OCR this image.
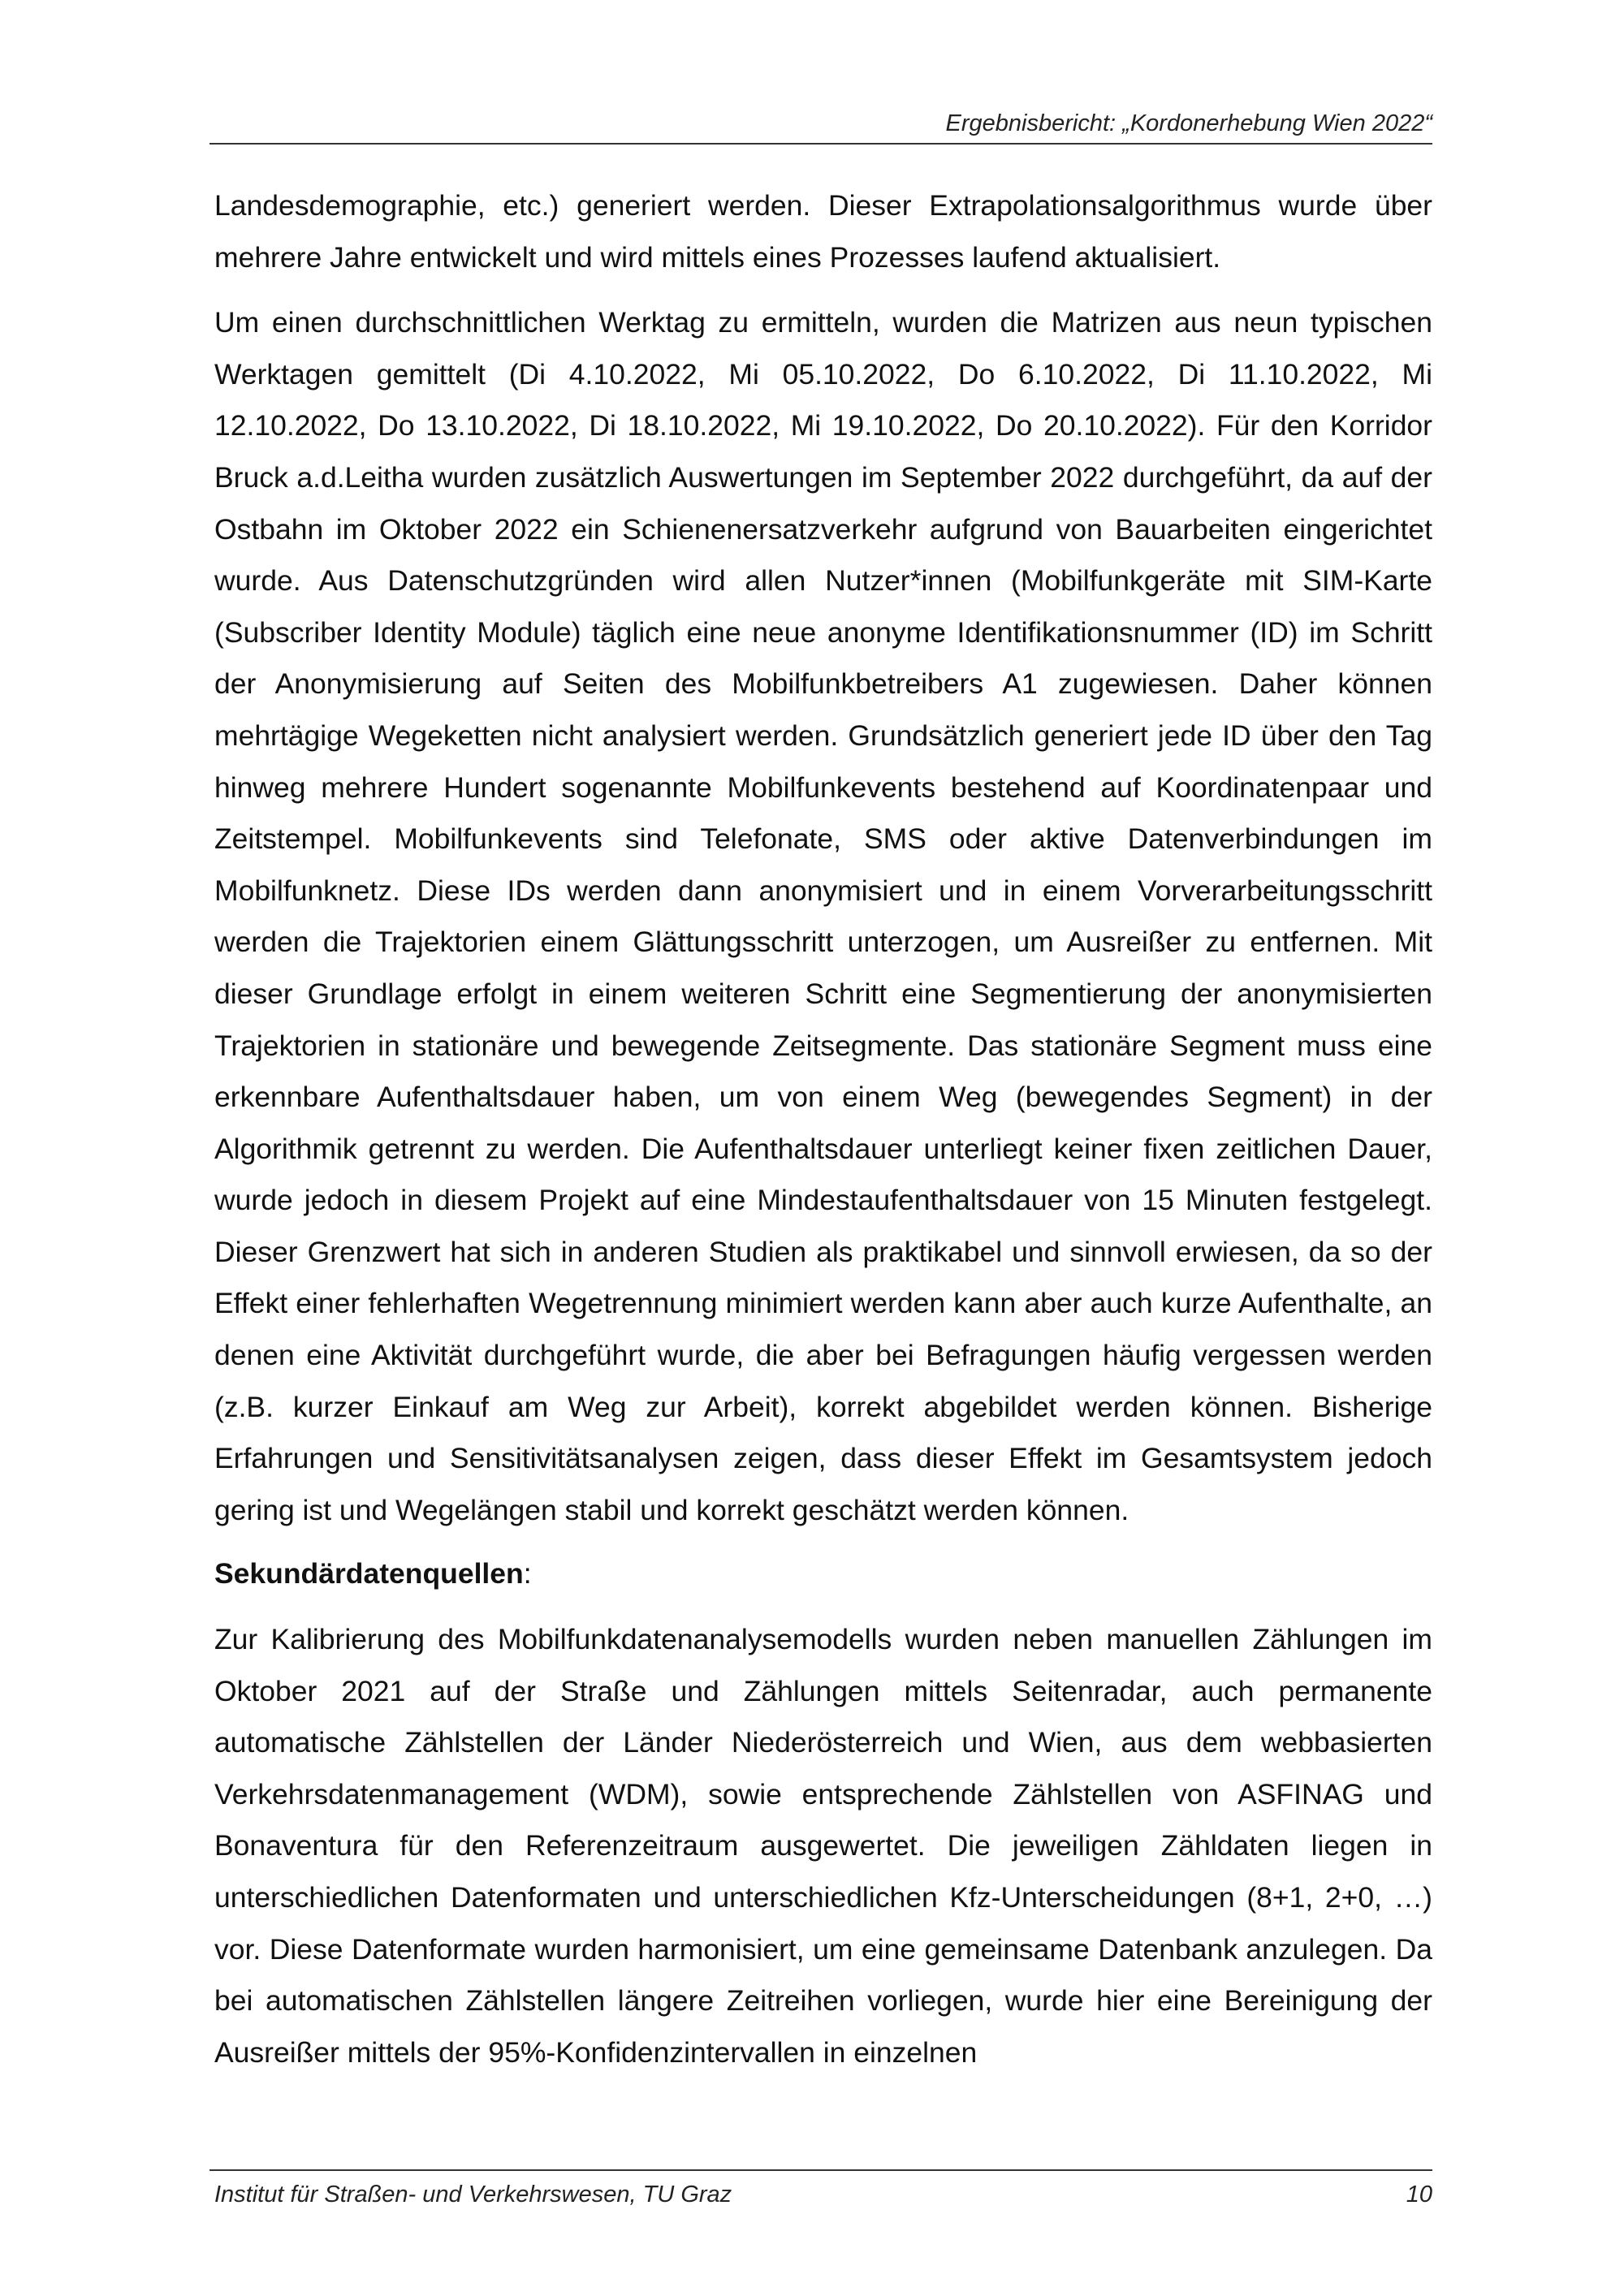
Ergebnisbericht: „Kordonerhebung Wien 2022“

Landesdemographie, etc.) generiert werden. Dieser Extrapolationsalgorithmus wurde über mehrere Jahre entwickelt und wird mittels eines Prozesses laufend aktualisiert.

Um einen durchschnittlichen Werktag zu ermitteln, wurden die Matrizen aus neun typischen Werktagen gemittelt (Di 4.10.2022, Mi 05.10.2022, Do 6.10.2022, Di 11.10.2022, Mi 12.10.2022, Do 13.10.2022, Di 18.10.2022, Mi 19.10.2022, Do 20.10.2022). Für den Korridor Bruck a.d.Leitha wurden zusätzlich Auswertungen im September 2022 durchgeführt, da auf der Ostbahn im Oktober 2022 ein Schienenersatzverkehr aufgrund von Bauarbeiten eingerichtet wurde. Aus Datenschutzgründen wird allen Nutzer*innen (Mobilfunkgeräte mit SIM-Karte (Subscriber Identity Module) täglich eine neue anonyme Identifikationsnummer (ID) im Schritt der Anonymisierung auf Seiten des Mobilfunkbetreibers A1 zugewiesen. Daher können mehrtägige Wegeketten nicht analysiert werden. Grundsätzlich generiert jede ID über den Tag hinweg mehrere Hundert sogenannte Mobilfunkevents bestehend auf Koordinatenpaar und Zeitstempel. Mobilfunkevents sind Telefonate, SMS oder aktive Datenverbindungen im Mobilfunknetz. Diese IDs werden dann anonymisiert und in einem Vorverarbeitungsschritt werden die Trajektorien einem Glättungsschritt unterzogen, um Ausreißer zu entfernen. Mit dieser Grundlage erfolgt in einem weiteren Schritt eine Segmentierung der anonymisierten Trajektorien in stationäre und bewegende Zeitsegmente. Das stationäre Segment muss eine erkennbare Aufenthaltsdauer haben, um von einem Weg (bewegendes Segment) in der Algorithmik getrennt zu werden. Die Aufenthaltsdauer unterliegt keiner fixen zeitlichen Dauer, wurde jedoch in diesem Projekt auf eine Mindestaufenthaltsdauer von 15 Minuten festgelegt. Dieser Grenzwert hat sich in anderen Studien als praktikabel und sinnvoll erwiesen, da so der Effekt einer fehlerhaften Wegetrennung minimiert werden kann aber auch kurze Aufenthalte, an denen eine Aktivität durchgeführt wurde, die aber bei Befragungen häufig vergessen werden (z.B. kurzer Einkauf am Weg zur Arbeit), korrekt abgebildet werden können. Bisherige Erfahrungen und Sensitivitätsanalysen zeigen, dass dieser Effekt im Gesamtsystem jedoch gering ist und Wegelängen stabil und korrekt geschätzt werden können.

Sekundärdatenquellen:

Zur Kalibrierung des Mobilfunkdatenanalysemodells wurden neben manuellen Zählungen im Oktober 2021 auf der Straße und Zählungen mittels Seitenradar, auch permanente automatische Zählstellen der Länder Niederösterreich und Wien, aus dem webbasierten Verkehrsdatenmanagement (WDM), sowie entsprechende Zählstellen von ASFINAG und Bonaventura für den Referenzeitraum ausgewertet. Die jeweiligen Zähldaten liegen in unterschiedlichen Datenformaten und unterschiedlichen Kfz-Unterscheidungen (8+1, 2+0, …) vor. Diese Datenformate wurden harmonisiert, um eine gemeinsame Datenbank anzulegen. Da bei automatischen Zählstellen längere Zeitreihen vorliegen, wurde hier eine Bereinigung der Ausreißer mittels der 95%-Konfidenzintervallen in einzelnen

Institut für Straßen- und Verkehrswesen, TU Graz	10
